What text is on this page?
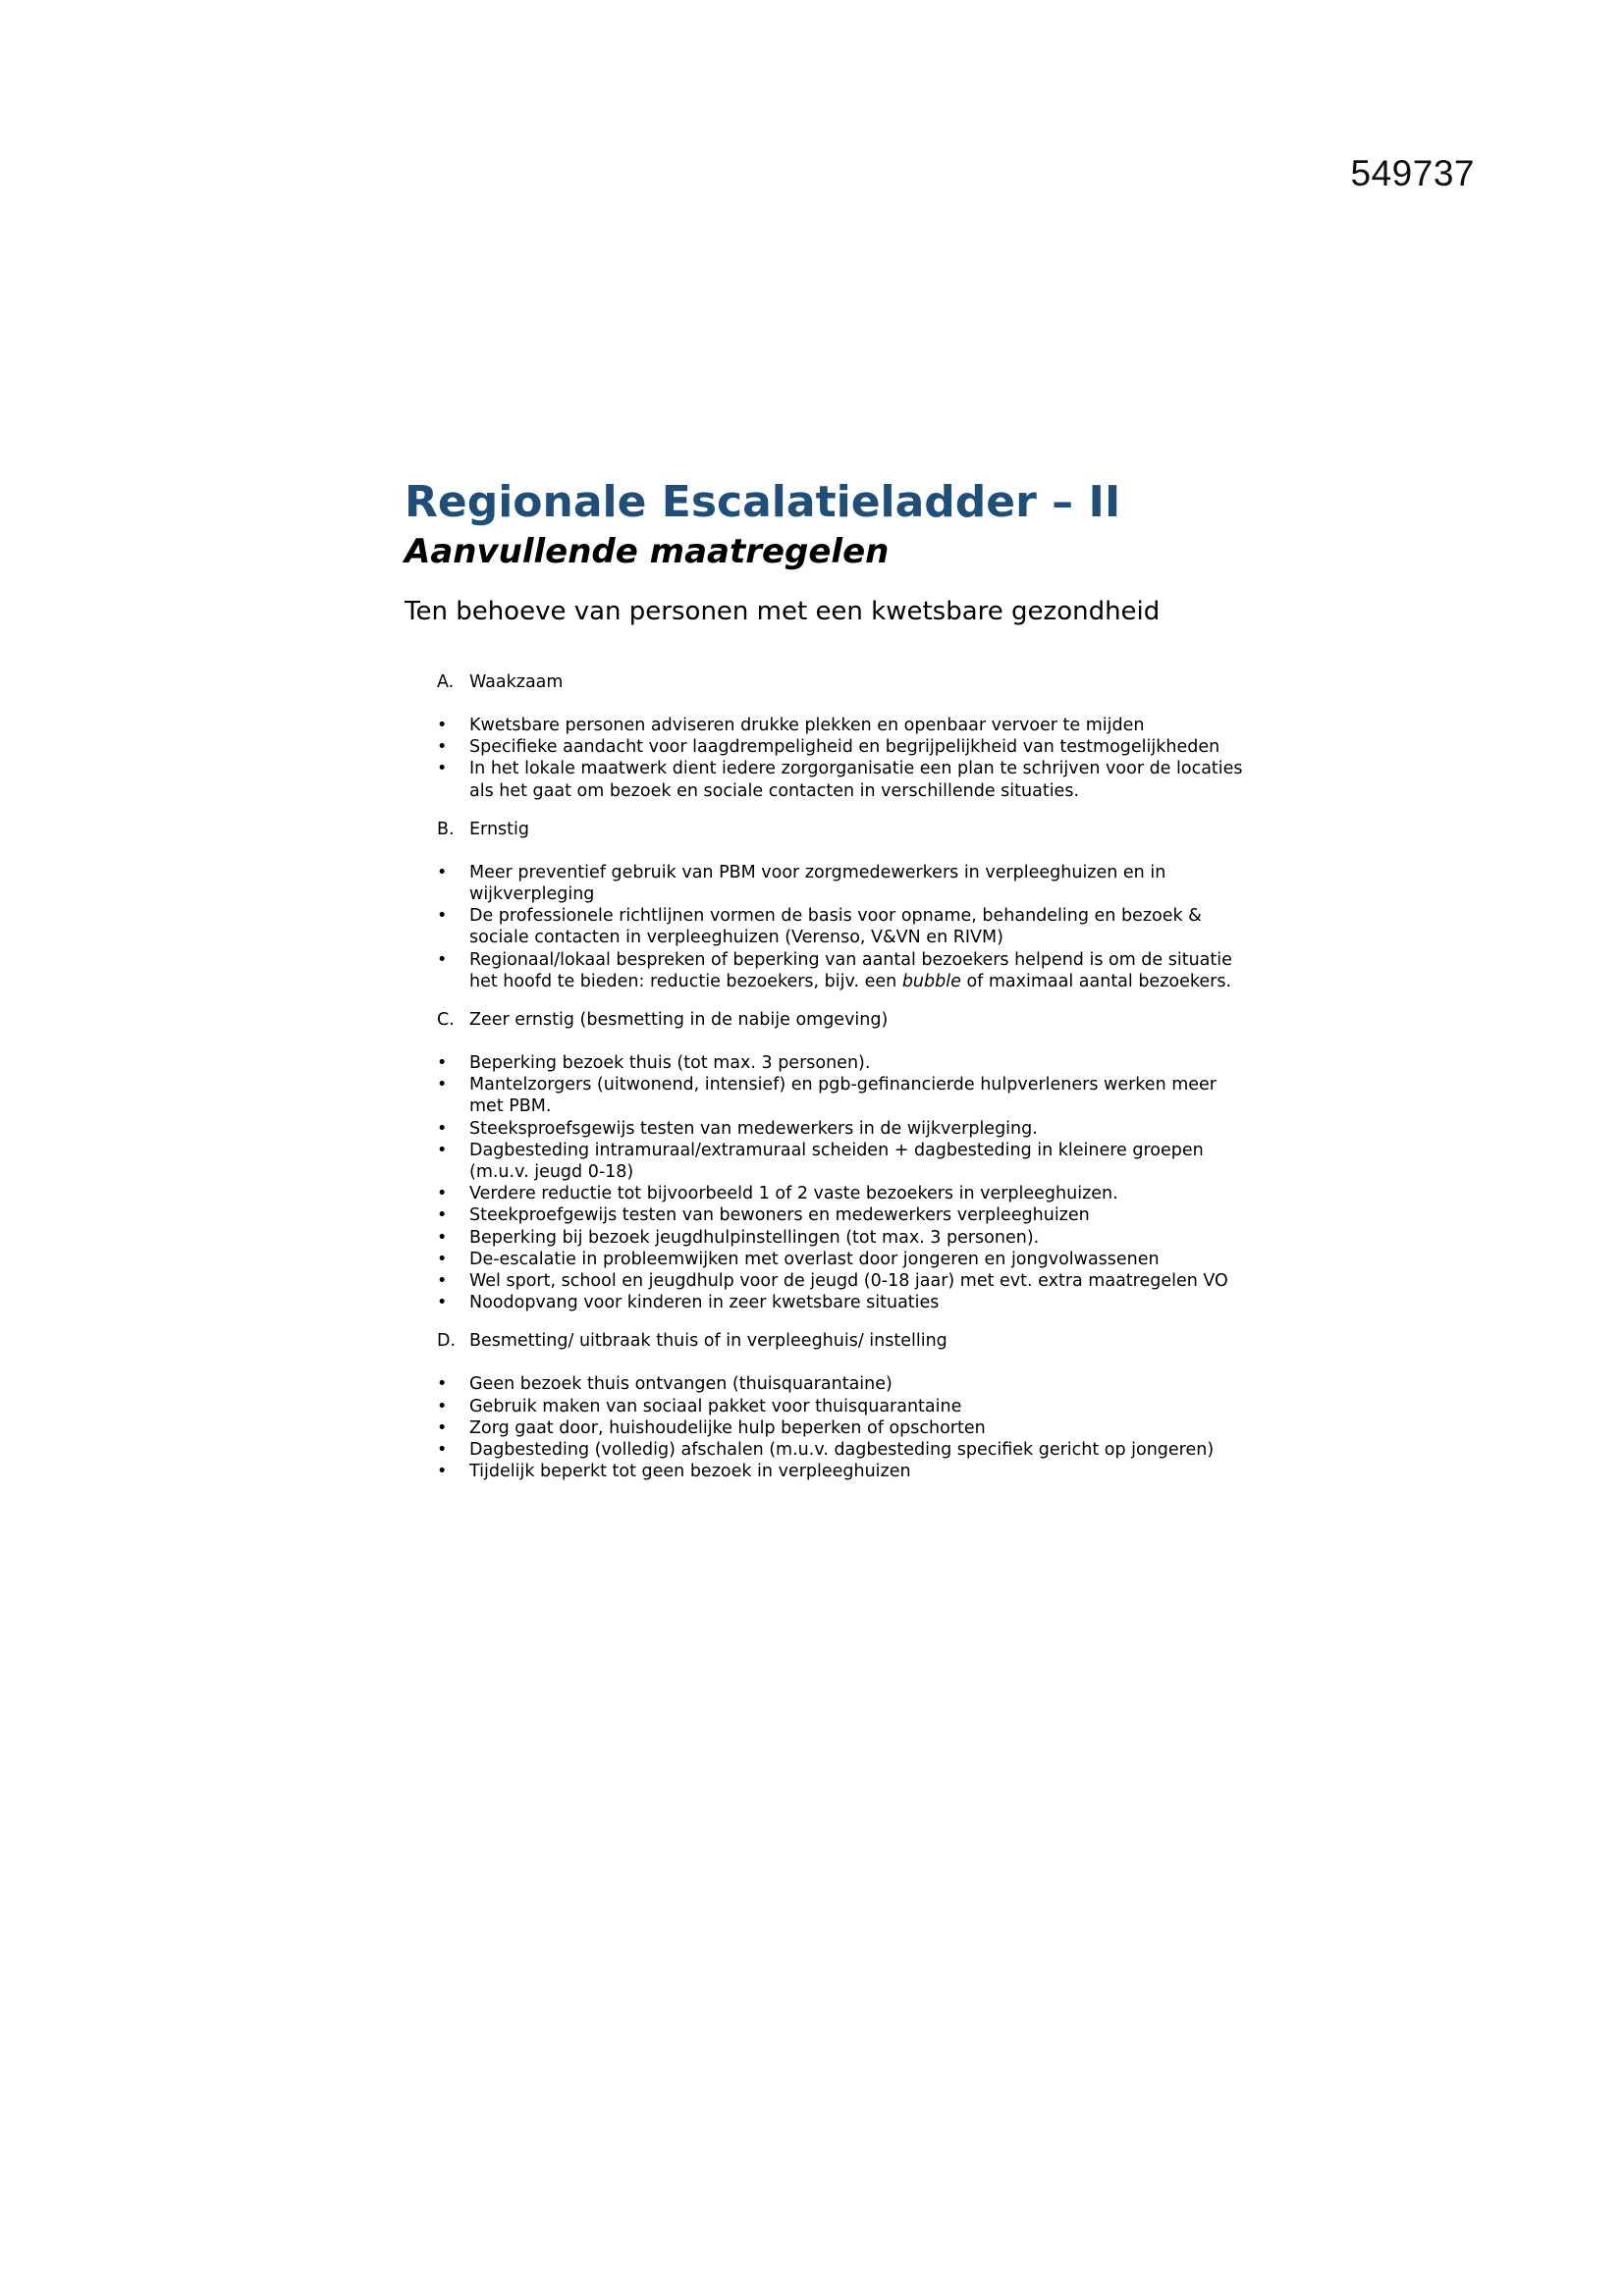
549737
Regionale Escalatieladder – II
Aanvullende maatregelen

Ten behoeve van personen met een kwetsbare gezondheid

A. Waakzaam
•	Kwetsbare personen adviseren drukke plekken en openbaar vervoer te mijden
•	Specifieke aandacht voor laagdrempeligheid en begrijpelijkheid van testmogelijkheden
•	In het lokale maatwerk dient iedere zorgorganisatie een plan te schrijven voor de locaties als het gaat om bezoek en sociale contacten in verschillende situaties.
B. Ernstig
•	Meer preventief gebruik van PBM voor zorgmedewerkers in verpleeghuizen en in wijkverpleging
•	De professionele richtlijnen vormen de basis voor opname, behandeling en bezoek & sociale contacten in verpleeghuizen (Verenso, V&VN en RIVM)
•	Regionaal/lokaal bespreken of beperking van aantal bezoekers helpend is om de situatie het hoofd te bieden: reductie bezoekers, bijv. een bubble of maximaal aantal bezoekers.
C. Zeer ernstig (besmetting in de nabije omgeving)
•	Beperking bezoek thuis (tot max. 3 personen).
•	Mantelzorgers (uitwonend, intensief) en pgb-gefinancierde hulpverleners werken meer met PBM.
•	Steeksproefsgewijs testen van medewerkers in de wijkverpleging.
•	Dagbesteding intramuraal/extramuraal scheiden + dagbesteding in kleinere groepen (m.u.v. jeugd 0-18)
•	Verdere reductie tot bijvoorbeeld 1 of 2 vaste bezoekers in verpleeghuizen.
•	Steekproefgewijs testen van bewoners en medewerkers verpleeghuizen
•	Beperking bij bezoek jeugdhulpinstellingen (tot max. 3 personen).
•	De-escalatie in probleemwijken met overlast door jongeren en jongvolwassenen
•	Wel sport, school en jeugdhulp voor de jeugd (0-18 jaar) met evt. extra maatregelen VO
•	Noodopvang voor kinderen in zeer kwetsbare situaties
D. Besmetting/ uitbraak thuis of in verpleeghuis/ instelling
•	Geen bezoek thuis ontvangen (thuisquarantaine)
•	Gebruik maken van sociaal pakket voor thuisquarantaine
•	Zorg gaat door, huishoudelijke hulp beperken of opschorten
•	Dagbesteding (volledig) afschalen (m.u.v. dagbesteding specifiek gericht op jongeren)
•	Tijdelijk beperkt tot geen bezoek in verpleeghuizen
